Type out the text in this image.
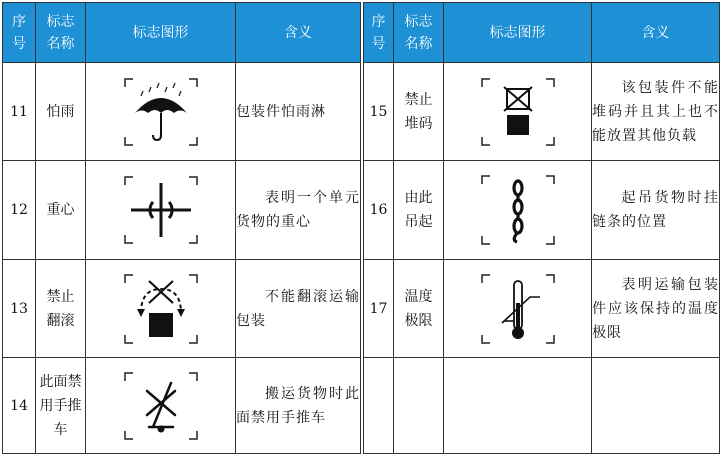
序号	标志名称	标志图形	含义
11	怕雨		包装件怕雨淋
12	重心		表明一个单元货物的重心
13	禁止翻滚		不能翻滚运输包装
14	此面禁用手推车		搬运货物时此面禁用手推车
序号	标志名称	标志图形	含义
15	禁止堆码		该包装件不能堆码并且其上也不能放置其他负载
16	由此吊起		起吊货物时挂链条的位置
17	温度极限		表明运输包装件应该保持的温度极限
